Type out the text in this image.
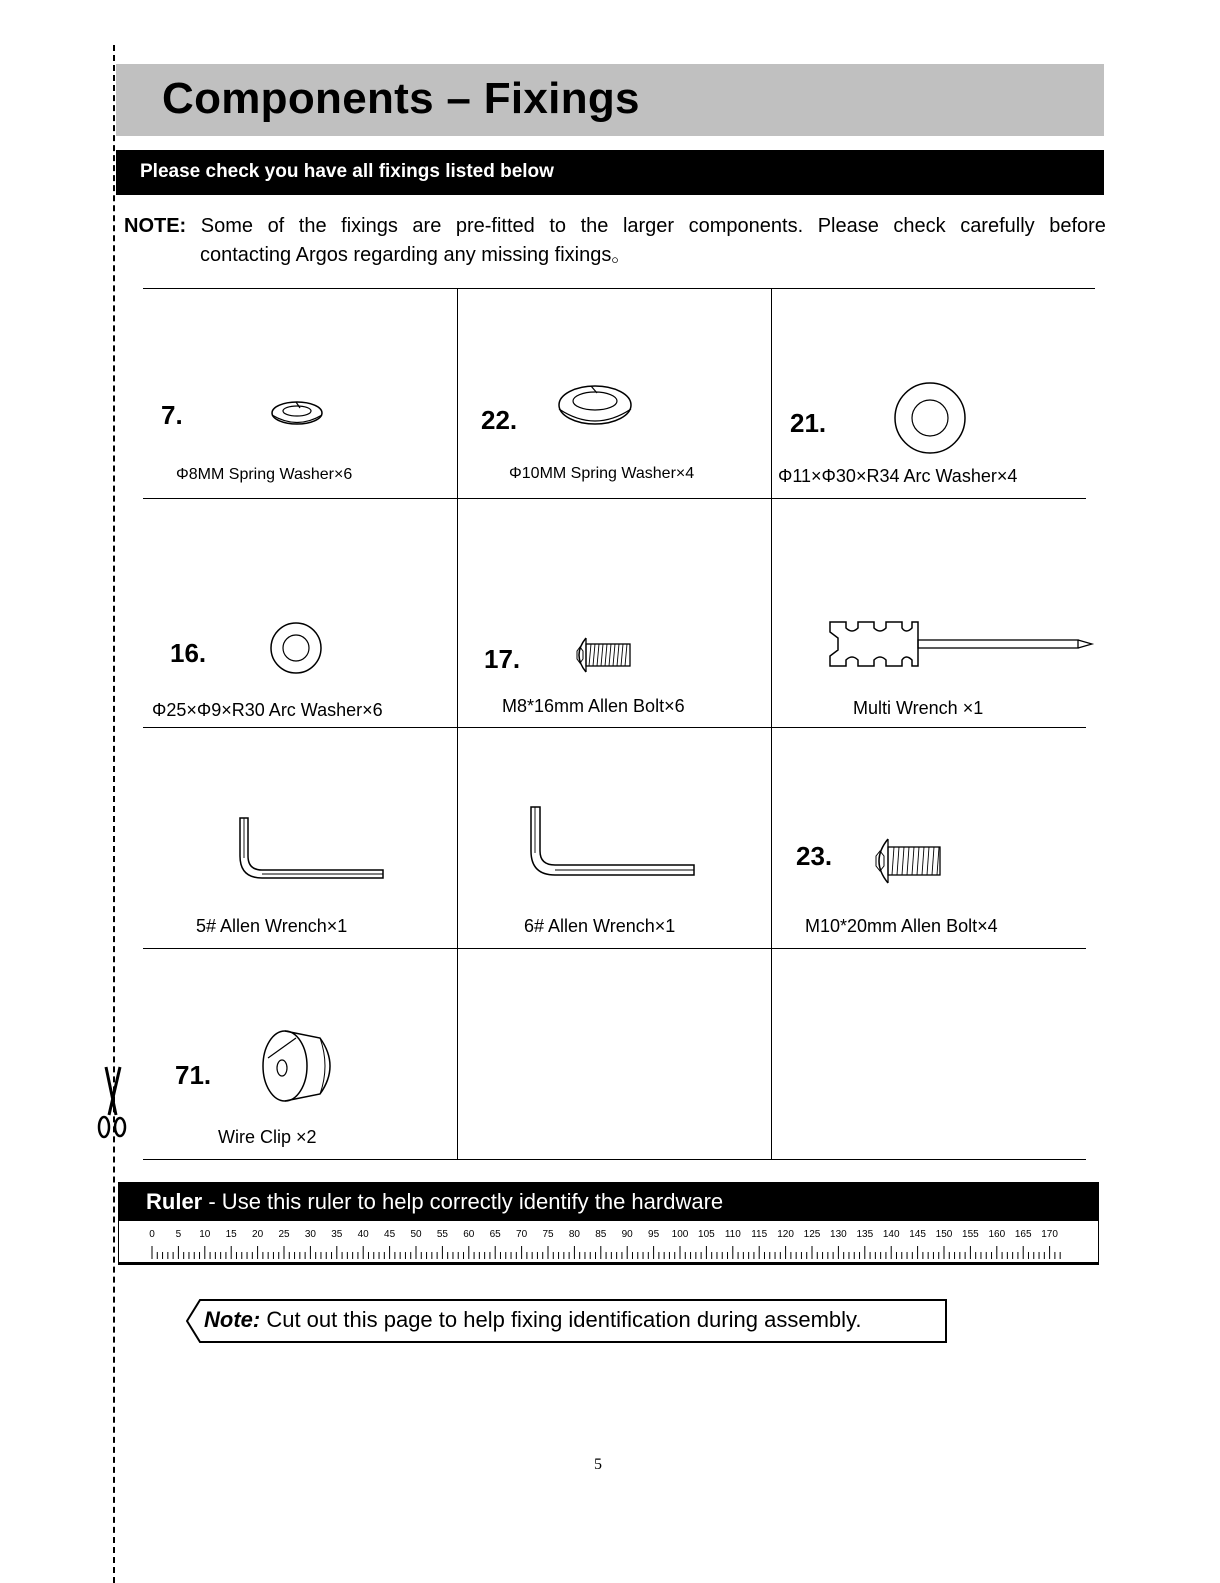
Components – Fixings
Please check you have all fixings listed below
NOTE: Some of the fixings are pre-fitted to the larger components. Please check carefully before
contacting Argos regarding any missing fixings。
7.
Φ8MM Spring Washer×6
22.
Φ10MM Spring Washer×4
21.
Φ11×Φ30×R34 Arc Washer×4
16.
Φ25×Φ9×R30 Arc Washer×6
17.
M8*16mm Allen Bolt×6	Multi Wrench ×1
5# Allen Wrench×1	6# Allen Wrench×1
23.
M10*20mm Allen Bolt×4
71.
Wire Clip ×2
Ruler - Use this ruler to help correctly identify the hardware
0 5 10 15 20 25 30 35 40 45 50 55 60 65 70 75 80 85 90 95 100 105 110 115 120 125 130 135 140 145 150 155 160 165 170
Note: Cut out this page to help fixing identification during assembly.
5
